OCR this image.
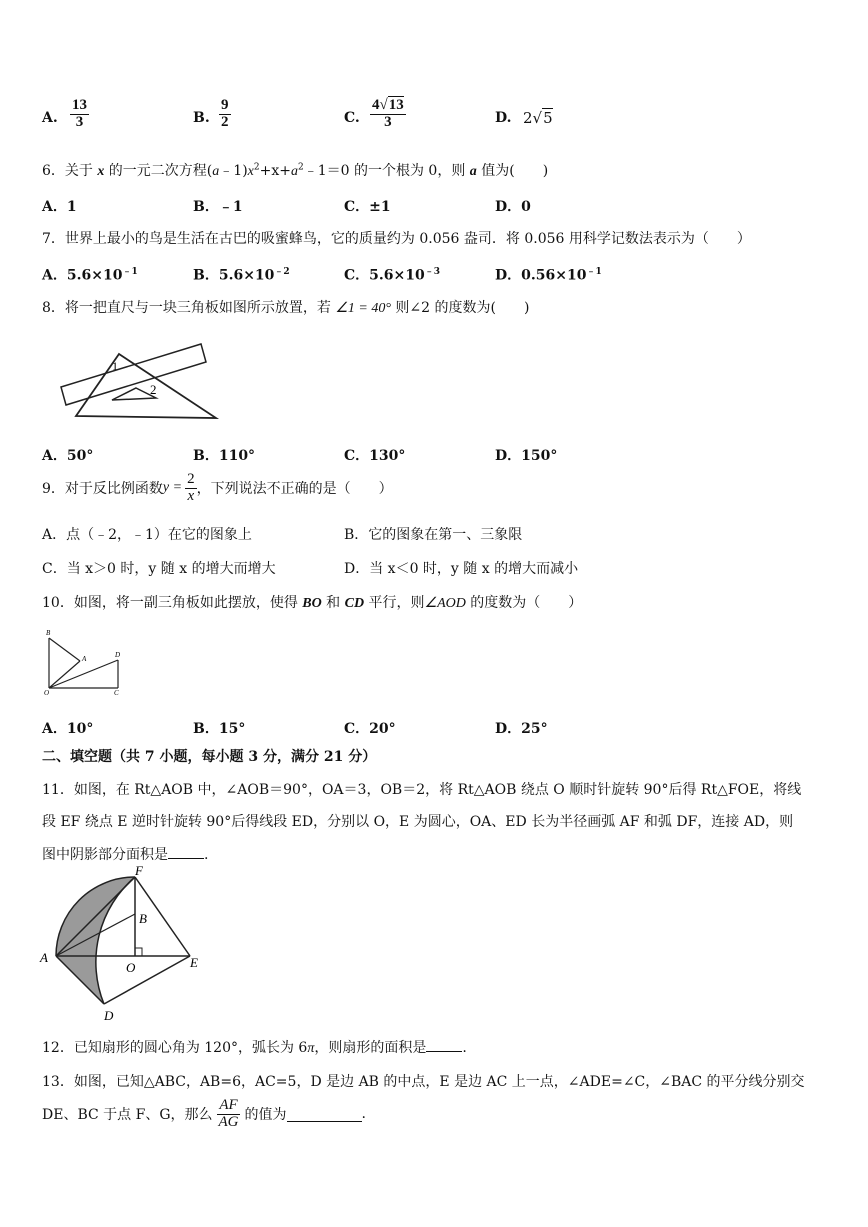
A. $\frac{13}{3}$	B. $\frac{9}{2}$	C. $\frac{4√13}{3}$	D. 2√5
6．关于 x 的一元二次方程$(a﹣1)x^2+x+a^2﹣1=0$ 的一个根为 0，则 a 值为(　　)
A．1	B．﹣1	C．±1	D．0
7．世界上最小的鸟是生活在古巴的吸蜜蜂鸟，它的质量约为 0.056 盎司．将 0.056 用科学记数法表示为（　　）
A．$5.6\times 10^{﹣1}$	B．$5.6\times 10^{﹣2}$	C．$5.6\times 10^{﹣3}$	D．$0.56\times 10^{﹣1}$
8．将一把直尺与一块三角板如图所示放置，若 ∠1 = 40° 则∠2 的度数为(　　)
1
2
A．50°	B．110°	C．130°	D．150°
9．对于反比例函数 $y = \frac{2}{x}$ ，下列说法不正确的是（　　）
A．点（﹣2，﹣1）在它的图象上	B．它的图象在第一、三象限
C．当 x＞0 时，y 随 x 的增大而增大	D．当 x＜0 时，y 随 x 的增大而减小
10．如图，将一副三角板如此摆放，使得 BO 和 CD 平行，则∠AOD 的度数为（　　）
B
A	D
O	C
A．10°	B．15°	C．20°	D．25°
二、填空题（共 7 小题，每小题 3 分，满分 21 分）
11．如图，在 Rt△AOB 中，∠AOB＝90°，OA＝3，OB＝2，将 Rt△AOB 绕点 O 顺时针旋转 90°后得 Rt△FOE，将线
段 EF 绕点 E 逆时针旋转 90°后得线段 ED，分别以 O，E 为圆心，OA、ED 长为半径画弧 AF 和弧 DF，连接 AD，则
图中阴影部分面积是	.
F
B
A
O	E
D
12．已知扇形的圆心角为 120°，弧长为 6π，则扇形的面积是	.
13．如图，已知△ABC，AB=6，AC=5，D 是边 AB 的中点，E 是边 AC 上一点，∠ADE=∠C，∠BAC 的平分线分别交
DE、BC 于点 F、G，那么 $\frac{AF}{AG}$ 的值为	.
